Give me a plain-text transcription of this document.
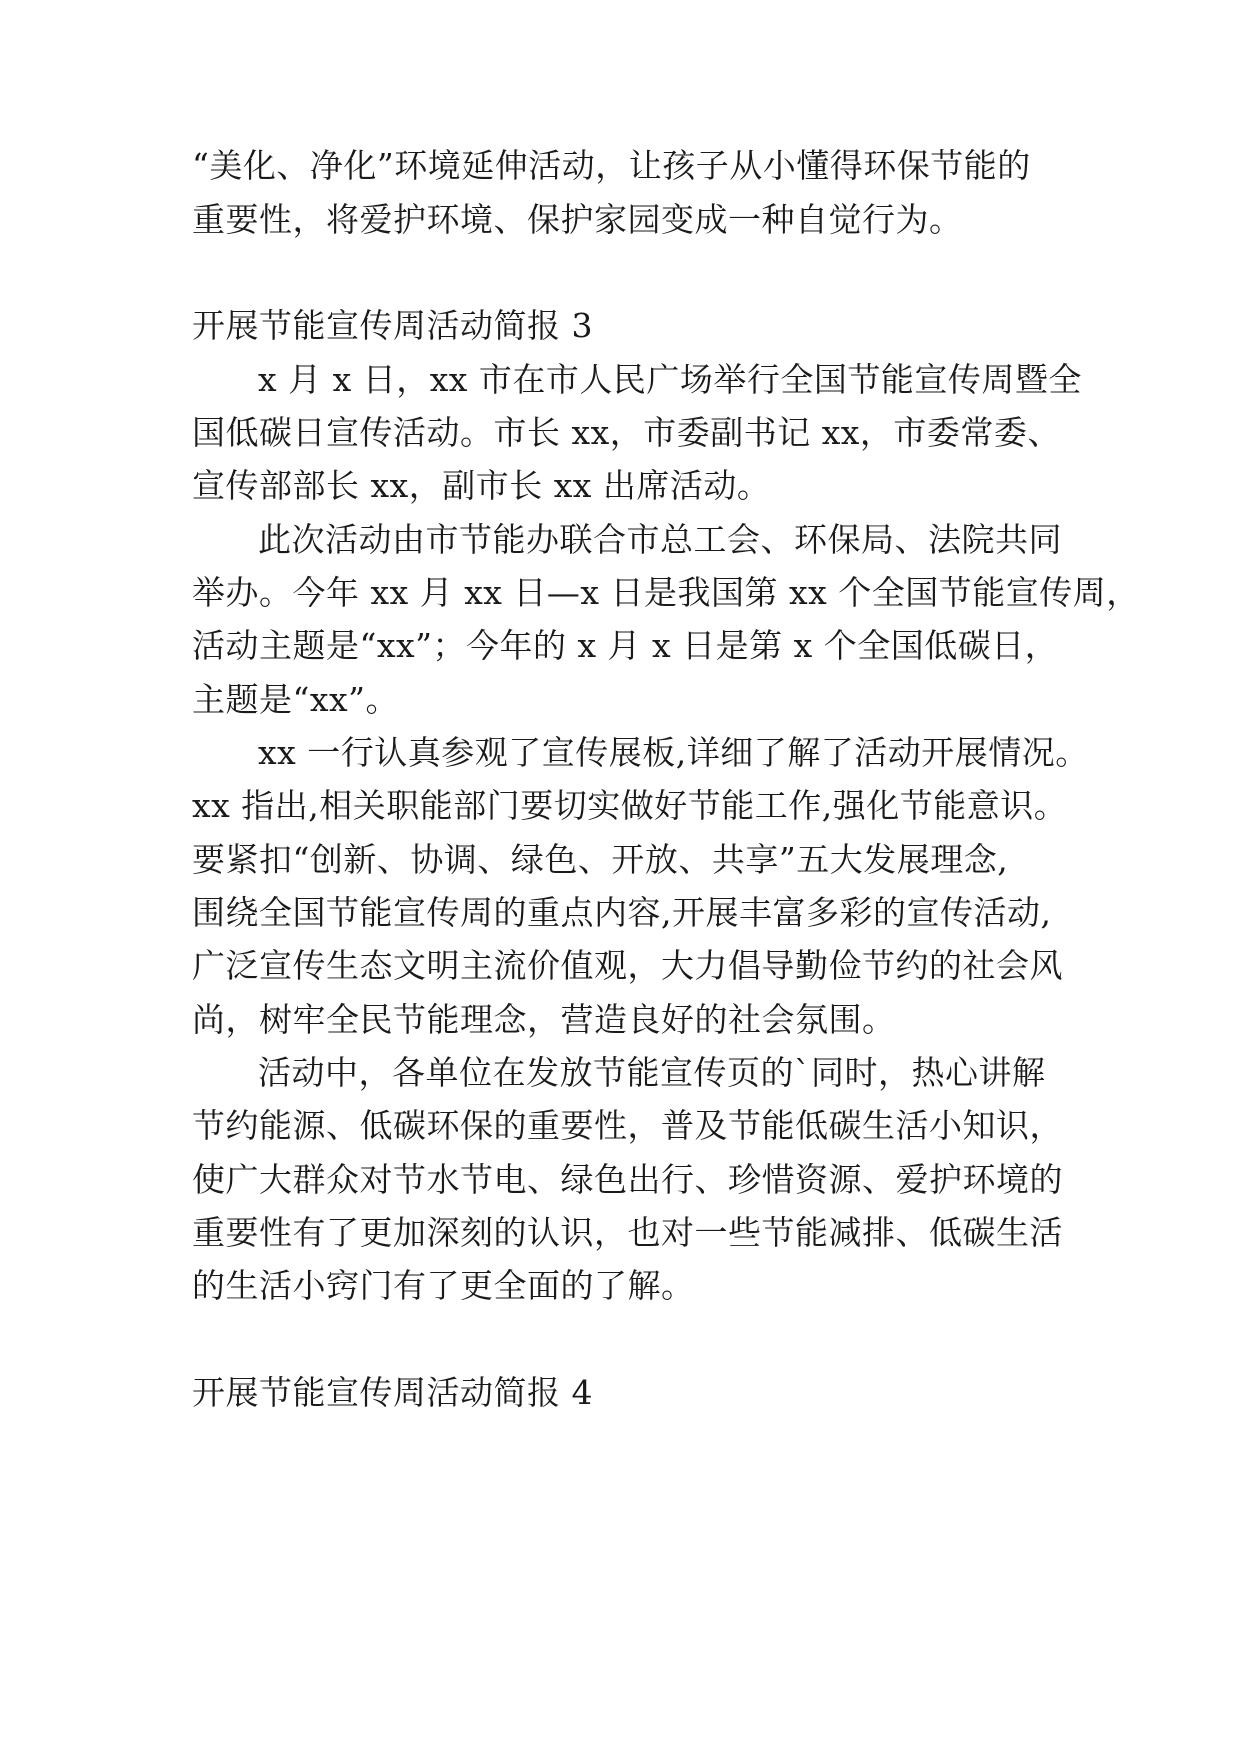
“美化、净化”环境延伸活动，让孩子从小懂得环保节能的
重要性，将爱护环境、保护家园变成一种自觉行为。
开展节能宣传周活动简报 3
x 月 x 日，xx 市在市人民广场举行全国节能宣传周暨全
国低碳日宣传活动。市长 xx，市委副书记 xx，市委常委、
宣传部部长 xx，副市长 xx 出席活动。
此次活动由市节能办联合市总工会、环保局、法院共同
举办。今年 xx 月 xx 日—x 日是我国第 xx 个全国节能宣传周，
活动主题是“xx”；今年的 x 月 x 日是第 x 个全国低碳日，
主题是“xx”。
xx 一行认真参观了宣传展板,详细了解了活动开展情况。
xx 指出,相关职能部门要切实做好节能工作,强化节能意识。
要紧扣“创新、协调、绿色、开放、共享”五大发展理念,
围绕全国节能宣传周的重点内容,开展丰富多彩的宣传活动,
广泛宣传生态文明主流价值观，大力倡导勤俭节约的社会风
尚，树牢全民节能理念，营造良好的社会氛围。
活动中，各单位在发放节能宣传页的`同时，热心讲解
节约能源、低碳环保的重要性，普及节能低碳生活小知识，
使广大群众对节水节电、绿色出行、珍惜资源、爱护环境的
重要性有了更加深刻的认识，也对一些节能减排、低碳生活
的生活小窍门有了更全面的了解。
开展节能宣传周活动简报 4
